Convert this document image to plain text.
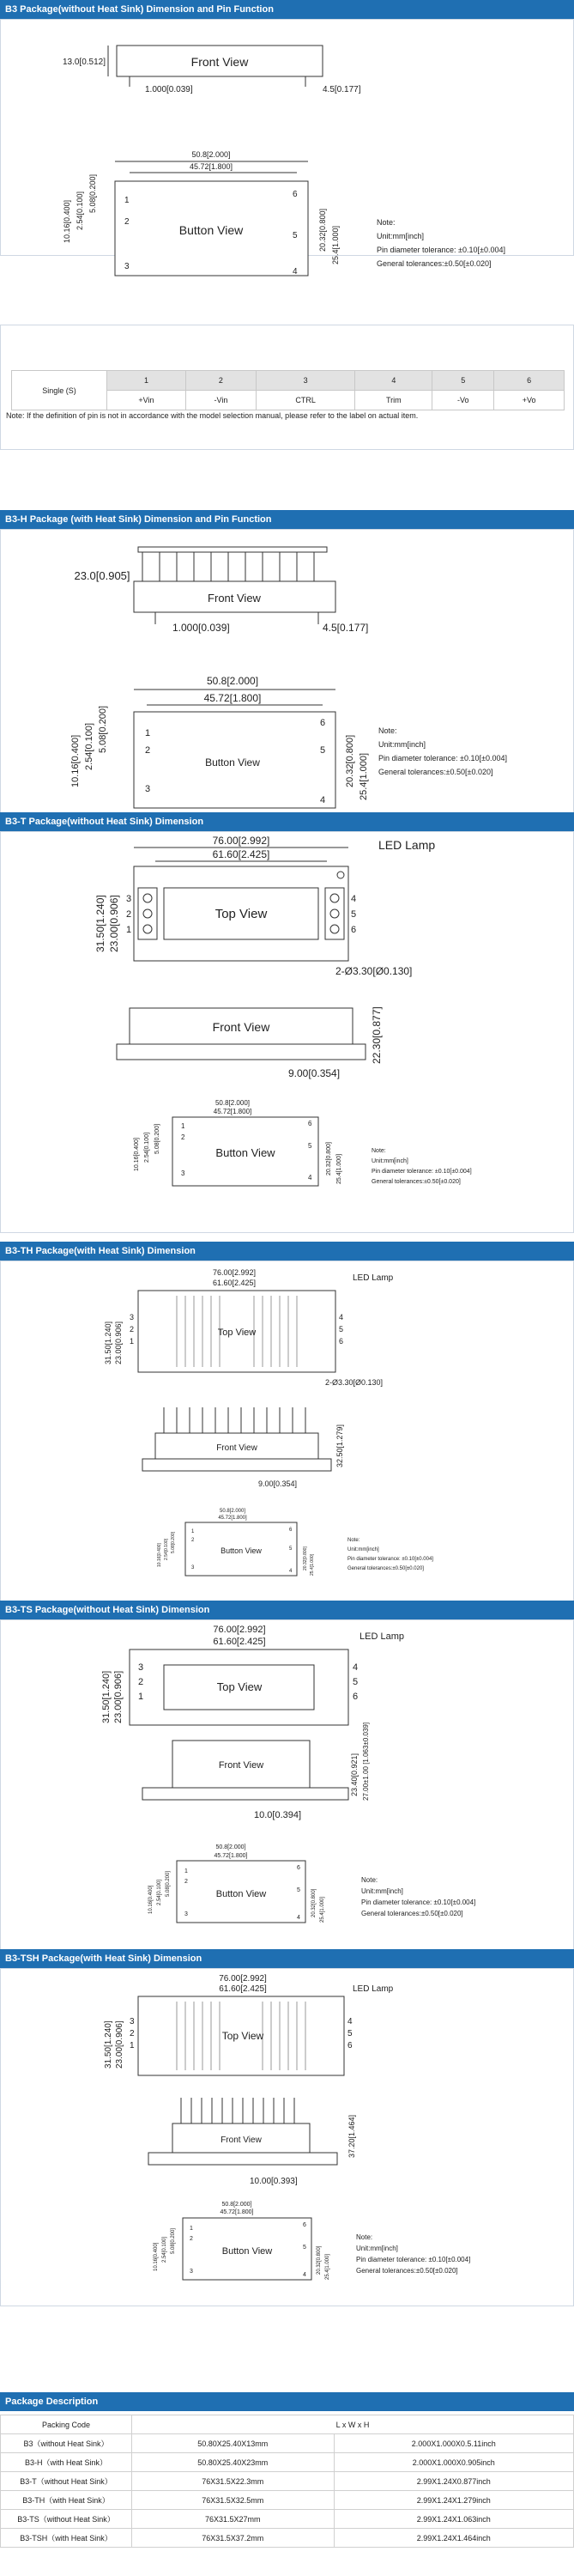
B3 Package(without Heat Sink) Dimension and Pin Function
Front View
13.0[0.512]
1.000[0.039]	4.5[0.177]
50.8[2.000]
45.72[1.800]
Button View
1
2
3
6
5
4
10.16[0.400] 2.54[0.100] 5.08[0.200]
20.32[0.800] 25.4[1.000]
Note:
Unit:mm[inch]
Pin diameter tolerance: ±0.10[±0.004]
General tolerances:±0.50[±0.020]
Single (S)	1	2	3	4	5	6
	+Vin	-Vin	CTRL	Trim	-Vo	+Vo
Note: If the definition of pin is not in accordance with the model selection manual, please refer to the label on actual item.
B3-H Package (with Heat Sink) Dimension and Pin Function
Front View
23.0[0.905]
1.000[0.039]	4.5[0.177]
50.8[2.000]
45.72[1.800]
Button View
1
2
3
6
5
4
10.16[0.400] 2.54[0.100] 5.08[0.200]
20.32[0.800] 25.4[1.000]
Note:
Unit:mm[inch]
Pin diameter tolerance: ±0.10[±0.004]
General tolerances:±0.50[±0.020]
B3-T Package(without Heat Sink) Dimension
76.00[2.992]
61.60[2.425]
LED Lamp
Top View
3
2
1
4
5
6
31.50[1.240] 23.00[0.906]
2-Ø3.30[Ø0.130]
Front View	22.30[0.877]
9.00[0.354]
50.8[2.000]
45.72[1.800]
Button View
1
2
3
6
5
4
10.16[0.400] 2.54[0.100] 5.08[0.200]
20.32[0.800] 25.4[1.000]
Note:
Unit:mm[inch]
Pin diameter tolerance: ±0.10[±0.004]
General tolerances:±0.50[±0.020]
B3-TH Package(with Heat Sink) Dimension
76.00[2.992]
61.60[2.425]	LED Lamp
Top View
3
2
1
4
5
6
31.50[1.240] 23.00[0.906]
2-Ø3.30[Ø0.130]
Front View	32.50[1.279]
9.00[0.354]
50.8[2.000]
45.72[1.800]
Button View
1
2
3
6
5
4
10.16[0.400] 2.54[0.100] 5.08[0.200]
20.32[0.800] 25.4[1.000]
Note:
Unit:mm[inch]
Pin diameter tolerance: ±0.10[±0.004]
General tolerances:±0.50[±0.020]
B3-TS Package(without Heat Sink) Dimension
76.00[2.992]
61.60[2.425]	LED Lamp
Top View
3
2
1
4
5
6
31.50[1.240] 23.00[0.906]
Front View	23.40[0.921] 27.00±1.00 [1.063±0.039]
10.0[0.394]
50.8[2.000]
45.72[1.800]
Button View
1
2
3
6
5
4
10.16[0.400] 2.54[0.100] 5.08[0.200]
20.32[0.800] 25.4[1.000]
Note:
Unit:mm[inch]
Pin diameter tolerance: ±0.10[±0.004]
General tolerances:±0.50[±0.020]
B3-TSH Package(with Heat Sink) Dimension
76.00[2.992]
61.60[2.425]	LED Lamp
Top View
3
2
1
4
5
6
31.50[1.240] 23.00[0.906]
Front View	37.20[1.464]
10.00[0.393]
50.8[2.000]
45.72[1.800]
Button View
1
2
3
6
5
4
10.16[0.400] 2.54[0.100] 5.08[0.200]
20.32[0.800] 25.4[1.000]
Note:
Unit:mm[inch]
Pin diameter tolerance: ±0.10[±0.004]
General tolerances:±0.50[±0.020]
Package Description
Packing Code	L x W x H	
B3（without Heat Sink）	50.80X25.40X13mm	2.000X1.000X0.5.11inch
B3-H（with Heat Sink）	50.80X25.40X23mm	2.000X1.000X0.905inch
B3-T（without Heat Sink）	76X31.5X22.3mm	2.99X1.24X0.877inch
B3-TH（with Heat Sink）	76X31.5X32.5mm	2.99X1.24X1.279inch
B3-TS（without Heat Sink）	76X31.5X27mm	2.99X1.24X1.063inch
B3-TSH（with Heat Sink）	76X31.5X37.2mm	2.99X1.24X1.464inch
